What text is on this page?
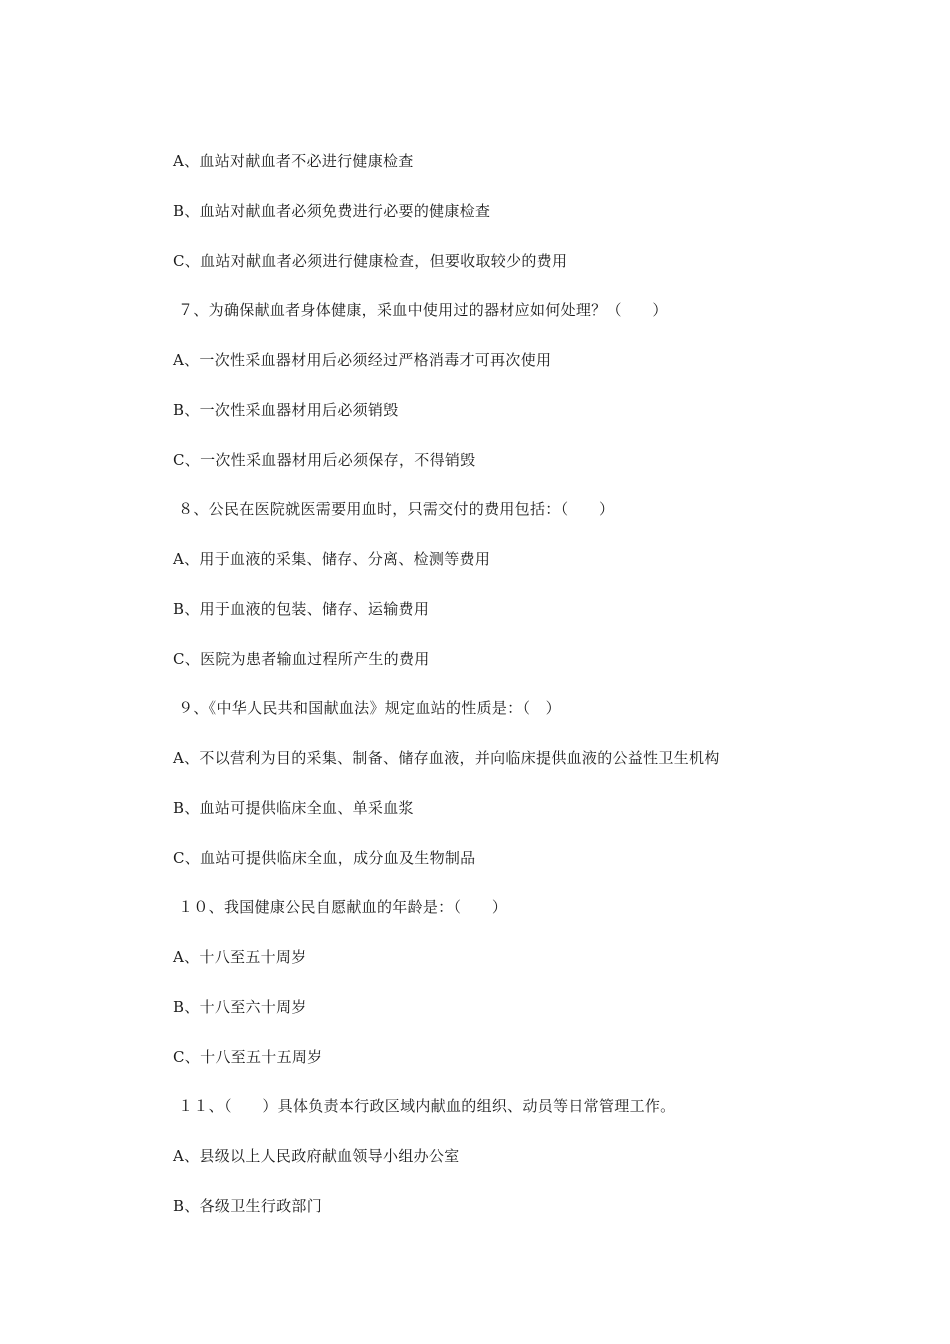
A、血站对献血者不必进行健康检查
B、血站对献血者必须免费进行必要的健康检查
C、血站对献血者必须进行健康检查，但要收取较少的费用
７、为确保献血者身体健康，采血中使用过的器材应如何处理？（　　）
A、一次性采血器材用后必须经过严格消毒才可再次使用
B、一次性采血器材用后必须销毁
C、一次性采血器材用后必须保存，不得销毁
８、公民在医院就医需要用血时，只需交付的费用包括：（　　）
A、用于血液的采集、储存、分离、检测等费用
B、用于血液的包装、储存、运输费用
C、医院为患者输血过程所产生的费用
９、《中华人民共和国献血法》规定血站的性质是：（　）
A、不以营利为目的采集、制备、储存血液，并向临床提供血液的公益性卫生机构
B、血站可提供临床全血、单采血浆
C、血站可提供临床全血，成分血及生物制品
１０、我国健康公民自愿献血的年龄是：（　　）
A、十八至五十周岁
B、十八至六十周岁
C、十八至五十五周岁
１１、（　　）具体负责本行政区域内献血的组织、动员等日常管理工作。
A、县级以上人民政府献血领导小组办公室
B、各级卫生行政部门
